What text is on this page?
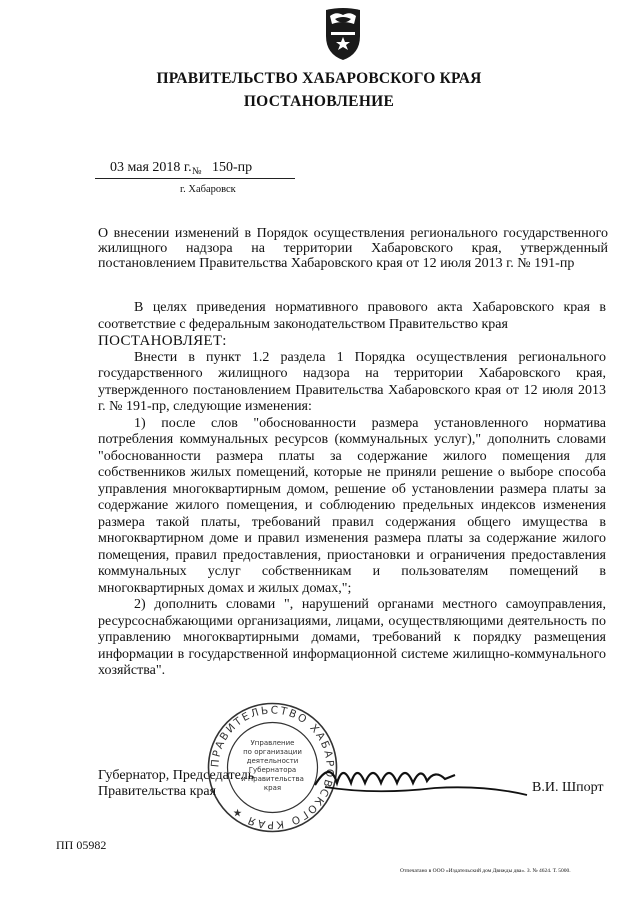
ПРАВИТЕЛЬСТВО ХАБАРОВСКОГО КРАЯ
ПОСТАНОВЛЕНИЕ
03 мая 2018 г. № 150-пр
г. Хабаровск
О внесении изменений в Порядок осуществления регионального государственного жилищного надзора на территории Хабаровского края, утвержденный постановлением Правительства Хабаровского края от 12 июля 2013 г. № 191-пр

В целях приведения нормативного правового акта Хабаровского края в соответствие с федеральным законодательством Правительство края

ПОСТАНОВЛЯЕТ:

Внести в пункт 1.2 раздела 1 Порядка осуществления регионального государственного жилищного надзора на территории Хабаровского края, утвержденного постановлением Правительства Хабаровского края от 12 июля 2013 г. № 191-пр, следующие изменения:

1) после слов "обоснованности размера установленного норматива потребления коммунальных ресурсов (коммунальных услуг)," дополнить словами "обоснованности размера платы за содержание жилого помещения для собственников жилых помещений, которые не приняли решение о выборе способа управления многоквартирным домом, решение об установлении размера платы за содержание жилого помещения, и соблюдению предельных индексов изменения размера такой платы, требований правил содержания общего имущества в многоквартирном доме и правил изменения размера платы за содержание жилого помещения, правил предоставления, приостановки и ограничения предоставления коммунальных услуг собственникам и пользователям помещений в многоквартирных домах и жилых домах,";

2) дополнить словами ", нарушений органами местного самоуправления, ресурсоснабжающими организациями, лицами, осуществляющими деятельность по управлению многоквартирными домами, требований к порядку размещения информации в государственной информационной системе жилищно-коммунального хозяйства".

ПРАВИТЕЛЬСТВО ХАБАРОВСКОГО КРАЯ ★
Управление
по организации
деятельности
Губернатора
и Правительства
края
Губернатор, Председатель
Правительства края	В.И. Шпорт
ПП 05982
Отпечатано в ООО «Издательский дом Движды два». З. № 4624. Т. 5000.
